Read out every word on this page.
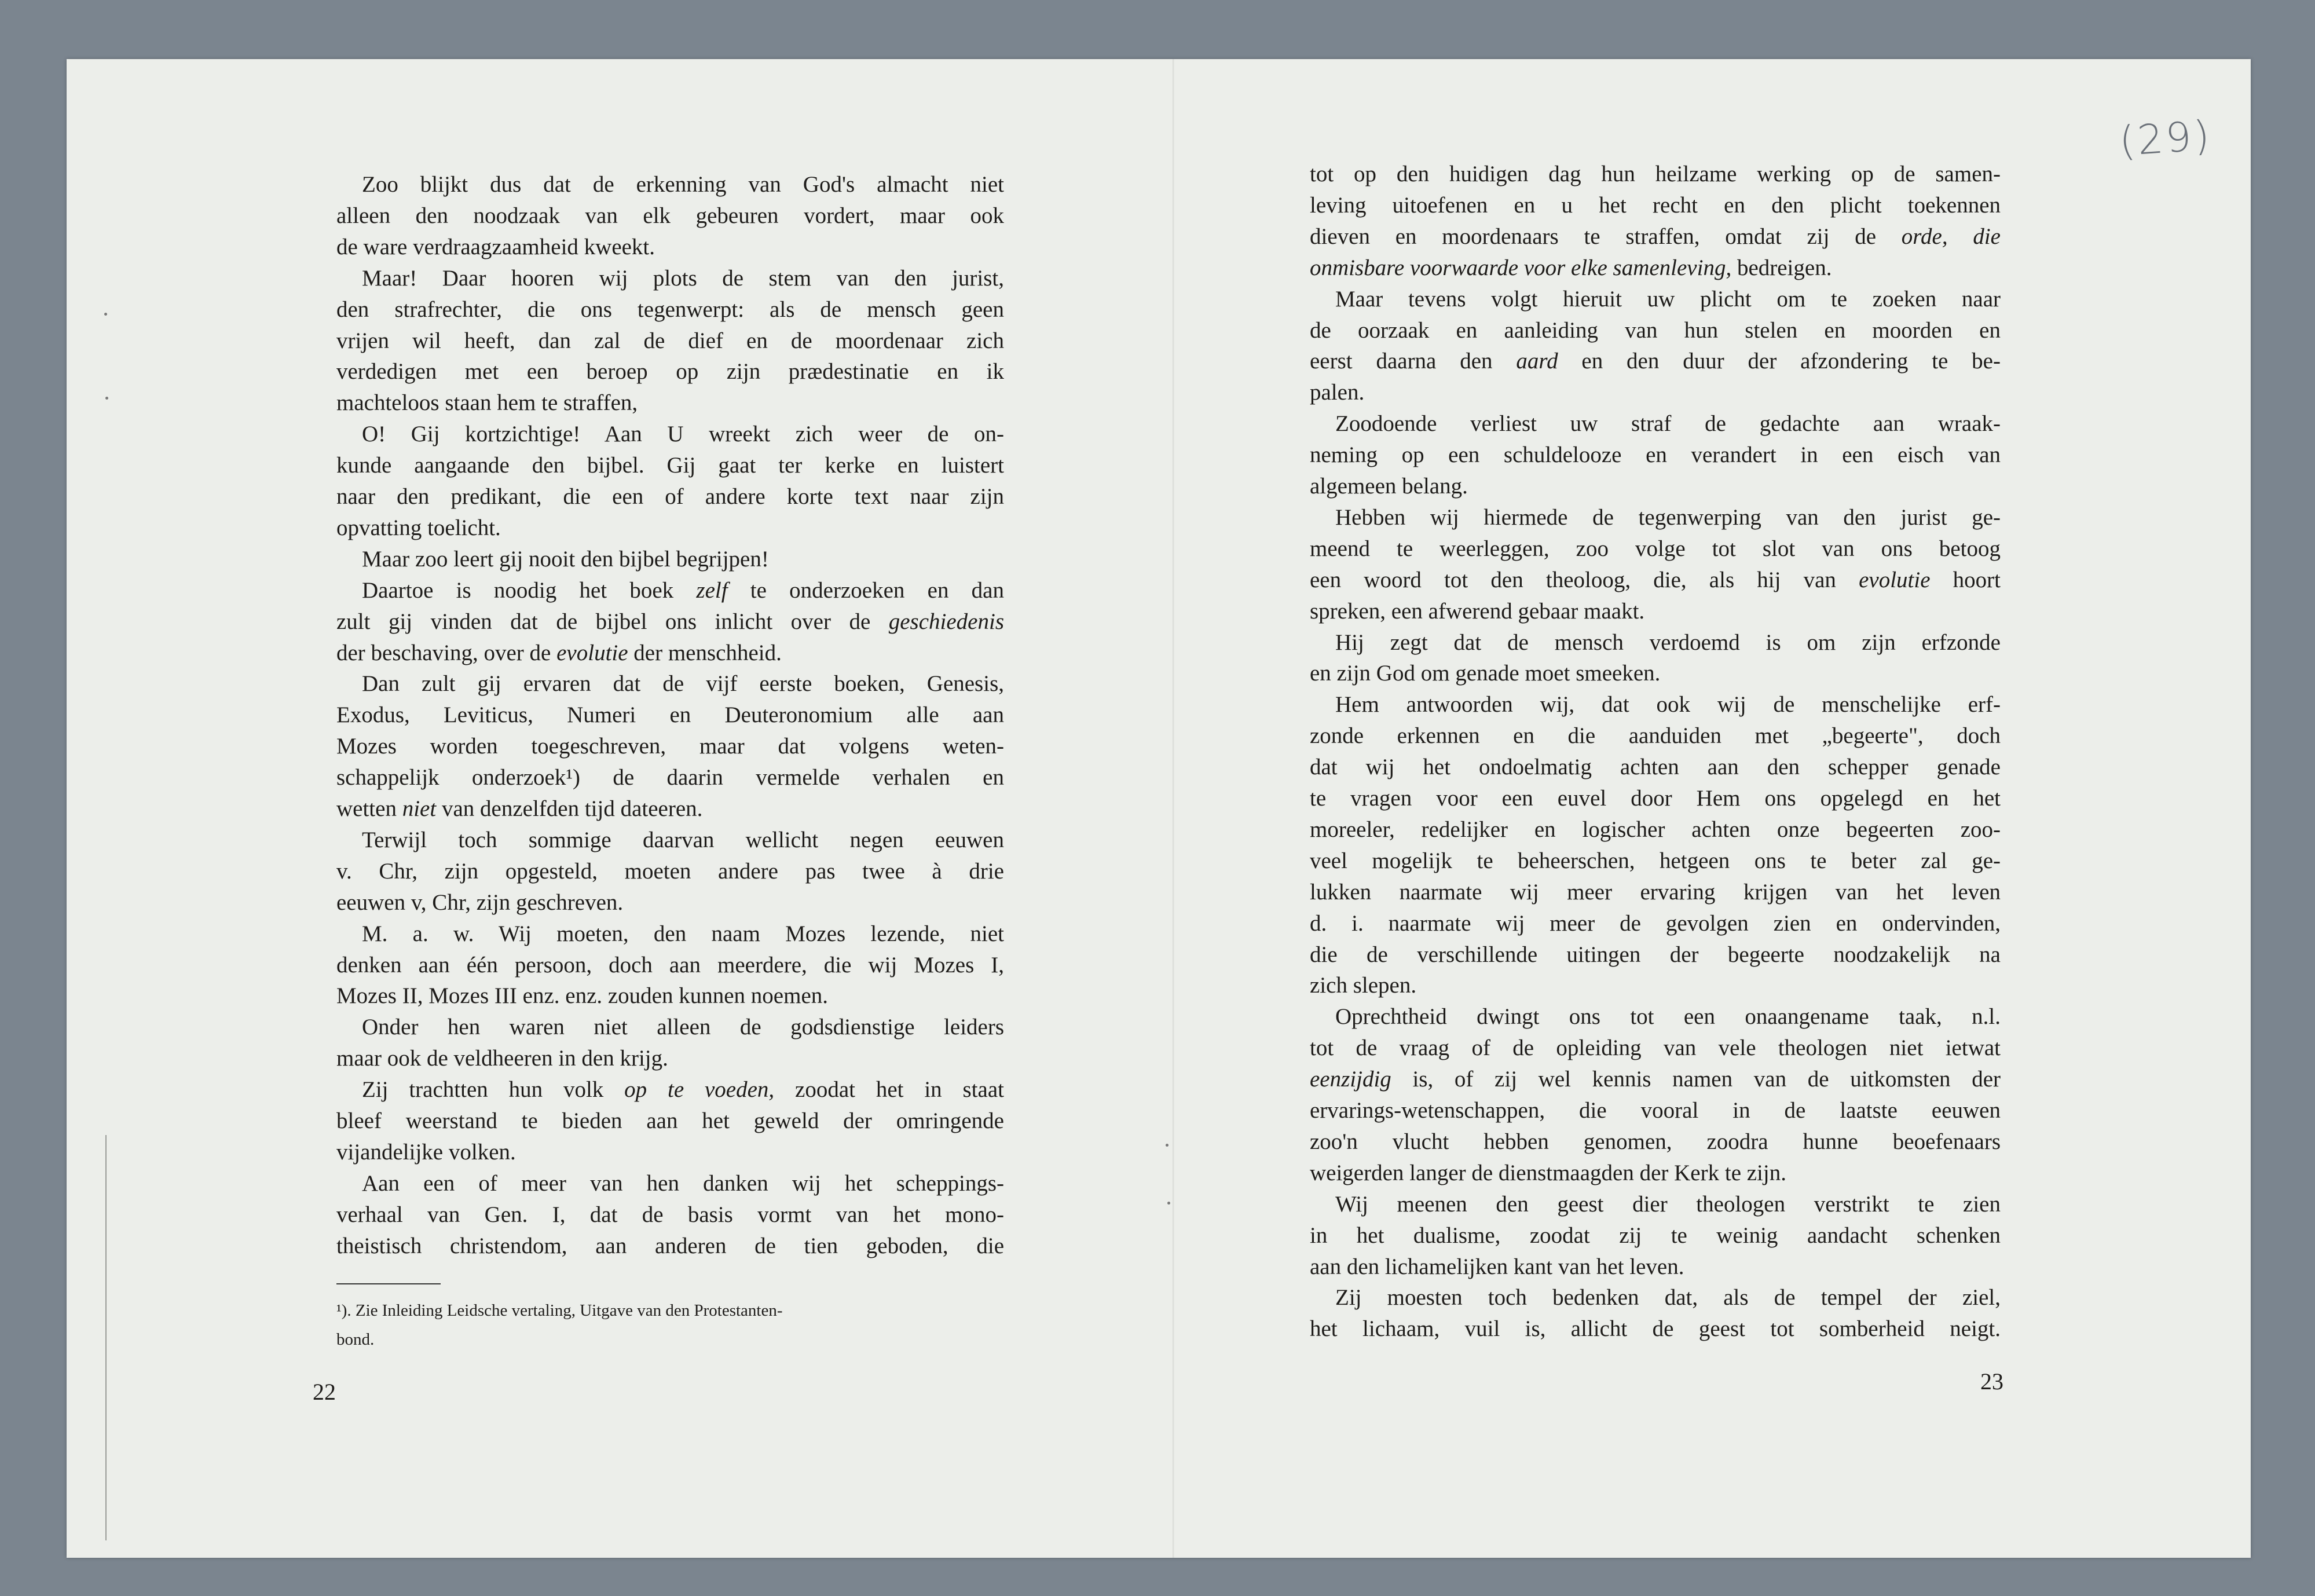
(29)
Zoo blijkt dus dat de erkenning van God's almacht niet
alleen den noodzaak van elk gebeuren vordert, maar ook
de ware verdraagzaamheid kweekt.
Maar! Daar hooren wij plots de stem van den jurist,
den strafrechter, die ons tegenwerpt: als de mensch geen
vrijen wil heeft, dan zal de dief en de moordenaar zich
verdedigen met een beroep op zijn prædestinatie en ik
machteloos staan hem te straffen,
O! Gij kortzichtige! Aan U wreekt zich weer de on-
kunde aangaande den bijbel. Gij gaat ter kerke en luistert
naar den predikant, die een of andere korte text naar zijn
opvatting toelicht.
Maar zoo leert gij nooit den bijbel begrijpen!
Daartoe is noodig het boek zelf te onderzoeken en dan
zult gij vinden dat de bijbel ons inlicht over de geschiedenis
der beschaving, over de evolutie der menschheid.
Dan zult gij ervaren dat de vijf eerste boeken, Genesis,
Exodus, Leviticus, Numeri en Deuteronomium alle aan
Mozes worden toegeschreven, maar dat volgens weten-
schappelijk onderzoek¹) de daarin vermelde verhalen en
wetten niet van denzelfden tijd dateeren.
Terwijl toch sommige daarvan wellicht negen eeuwen
v. Chr, zijn opgesteld, moeten andere pas twee à drie
eeuwen v, Chr, zijn geschreven.
M. a. w. Wij moeten, den naam Mozes lezende, niet
denken aan één persoon, doch aan meerdere, die wij Mozes I,
Mozes II, Mozes III enz. enz. zouden kunnen noemen.
Onder hen waren niet alleen de godsdienstige leiders
maar ook de veldheeren in den krijg.
Zij trachtten hun volk op te voeden, zoodat het in staat
bleef weerstand te bieden aan het geweld der omringende
vijandelijke volken.
Aan een of meer van hen danken wij het scheppings-
verhaal van Gen. I, dat de basis vormt van het mono-
theistisch christendom, aan anderen de tien geboden, die
tot op den huidigen dag hun heilzame werking op de samen-
leving uitoefenen en u het recht en den plicht toekennen
dieven en moordenaars te straffen, omdat zij de orde, die
onmisbare voorwaarde voor elke samenleving, bedreigen.
Maar tevens volgt hieruit uw plicht om te zoeken naar
de oorzaak en aanleiding van hun stelen en moorden en
eerst daarna den aard en den duur der afzondering te be-
palen.
Zoodoende verliest uw straf de gedachte aan wraak-
neming op een schuldelooze en verandert in een eisch van
algemeen belang.
Hebben wij hiermede de tegenwerping van den jurist ge-
meend te weerleggen, zoo volge tot slot van ons betoog
een woord tot den theoloog, die, als hij van evolutie hoort
spreken, een afwerend gebaar maakt.
Hij zegt dat de mensch verdoemd is om zijn erfzonde
en zijn God om genade moet smeeken.
Hem antwoorden wij, dat ook wij de menschelijke erf-
zonde erkennen en die aanduiden met „begeerte", doch
dat wij het ondoelmatig achten aan den schepper genade
te vragen voor een euvel door Hem ons opgelegd en het
moreeler, redelijker en logischer achten onze begeerten zoo-
veel mogelijk te beheerschen, hetgeen ons te beter zal ge-
lukken naarmate wij meer ervaring krijgen van het leven
d. i. naarmate wij meer de gevolgen zien en ondervinden,
die de verschillende uitingen der begeerte noodzakelijk na
zich slepen.
Oprechtheid dwingt ons tot een onaangename taak, n.l.
tot de vraag of de opleiding van vele theologen niet ietwat
eenzijdig is, of zij wel kennis namen van de uitkomsten der
ervarings-wetenschappen, die vooral in de laatste eeuwen
zoo'n vlucht hebben genomen, zoodra hunne beoefenaars
weigerden langer de dienstmaagden der Kerk te zijn.
Wij meenen den geest dier theologen verstrikt te zien
in het dualisme, zoodat zij te weinig aandacht schenken
aan den lichamelijken kant van het leven.
Zij moesten toch bedenken dat, als de tempel der ziel,
het lichaam, vuil is, allicht de geest tot somberheid neigt.
¹). Zie Inleiding Leidsche vertaling, Uitgave van den Protestanten-
bond.
22	23
